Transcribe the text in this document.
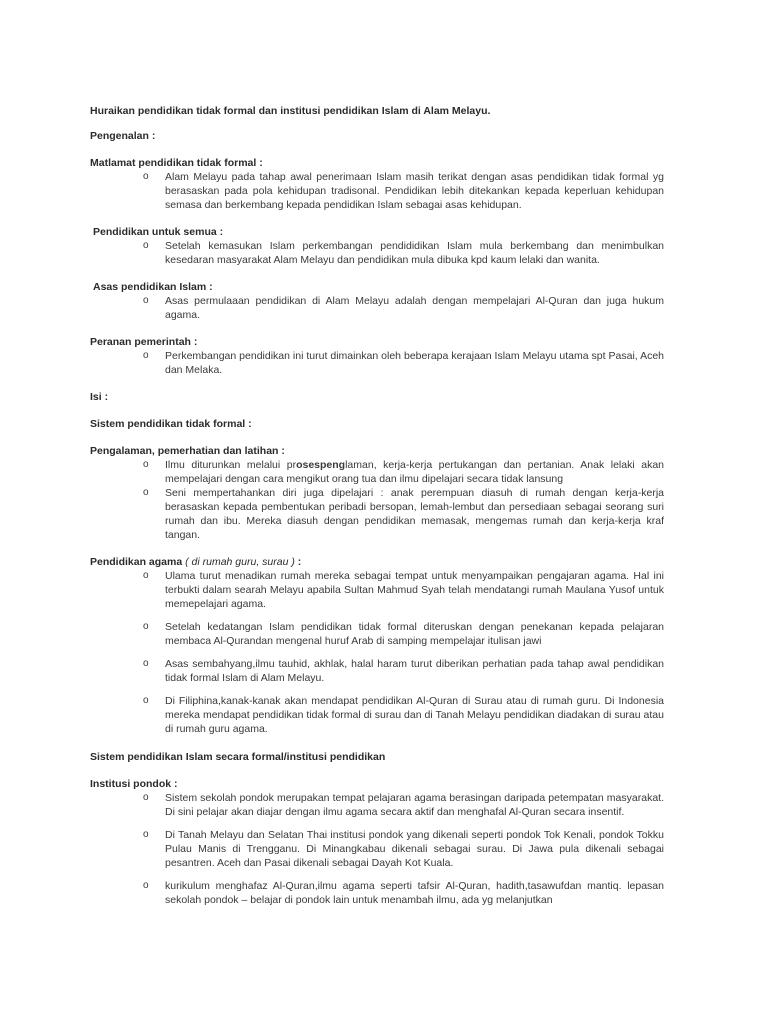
Huraikan pendidikan tidak formal dan institusi pendidikan Islam di Alam Melayu.

Pengenalan :
Matlamat pendidikan tidak formal :
o Alam Melayu pada tahap awal penerimaan Islam masih terikat dengan asas pendidikan tidak formal yg berasaskan pada pola kehidupan tradisonal. Pendidikan lebih ditekankan kepada keperluan kehidupan semasa dan berkembang kepada pendidikan Islam sebagai asas kehidupan.
Pendidikan untuk semua :
o Setelah kemasukan Islam perkembangan pendididikan Islam mula berkembang dan menimbulkan kesedaran masyarakat Alam Melayu dan pendidikan mula dibuka kpd kaum lelaki dan wanita.
Asas pendidikan Islam :
o Asas permulaaan pendidikan di Alam Melayu adalah dengan mempelajari Al-Quran dan juga hukum agama.
Peranan pemerintah :
o Perkembangan pendidikan ini turut dimainkan oleh beberapa kerajaan Islam Melayu utama spt Pasai, Aceh dan Melaka.
Isi :
Sistem pendidikan tidak formal :
Pengalaman, pemerhatian dan latihan :
o Ilmu diturunkan melalui prosespenglaman, kerja-kerja pertukangan dan pertanian. Anak lelaki akan mempelajari dengan cara mengikut orang tua dan ilmu dipelajari secara tidak lansung
o Seni mempertahankan diri juga dipelajari : anak perempuan diasuh di rumah dengan kerja-kerja berasaskan kepada pembentukan peribadi bersopan, lemah-lembut dan persediaan sebagai seorang suri rumah dan ibu. Mereka diasuh dengan pendidikan memasak, mengemas rumah dan kerja-kerja kraf tangan.
Pendidikan agama ( di rumah guru, surau ) :
o Ulama turut menadikan rumah mereka sebagai tempat untuk menyampaikan pengajaran agama. Hal ini terbukti dalam searah Melayu apabila Sultan Mahmud Syah telah mendatangi rumah Maulana Yusof untuk memepelajari agama.
o Setelah kedatangan Islam pendidikan tidak formal diteruskan dengan penekanan kepada pelajaran membaca Al-Qurandan mengenal huruf Arab di samping mempelajar itulisan jawi
o Asas sembahyang,ilmu tauhid, akhlak, halal haram turut diberikan perhatian pada tahap awal pendidikan tidak formal Islam di Alam Melayu.
o Di Filiphina,kanak-kanak akan mendapat pendidikan Al-Quran di Surau atau di rumah guru. Di Indonesia mereka mendapat pendidikan tidak formal di surau dan di Tanah Melayu pendidikan diadakan di surau atau di rumah guru agama.
Sistem pendidikan Islam secara formal/institusi pendidikan
Institusi pondok :
o Sistem sekolah pondok merupakan tempat pelajaran agama berasingan daripada petempatan masyarakat. Di sini pelajar akan diajar dengan ilmu agama secara aktif dan menghafal Al-Quran secara insentif.
o Di Tanah Melayu dan Selatan Thai institusi pondok yang dikenali seperti pondok Tok Kenali, pondok Tokku Pulau Manis di Trengganu. Di Minangkabau dikenali sebagai surau. Di Jawa pula dikenali sebagai pesantren. Aceh dan Pasai dikenali sebagai Dayah Kot Kuala.
o kurikulum menghafaz Al-Quran,ilmu agama seperti tafsir Al-Quran, hadith,tasawufdan mantiq. lepasan sekolah pondok – belajar di pondok lain untuk menambah ilmu, ada yg melanjutkan
